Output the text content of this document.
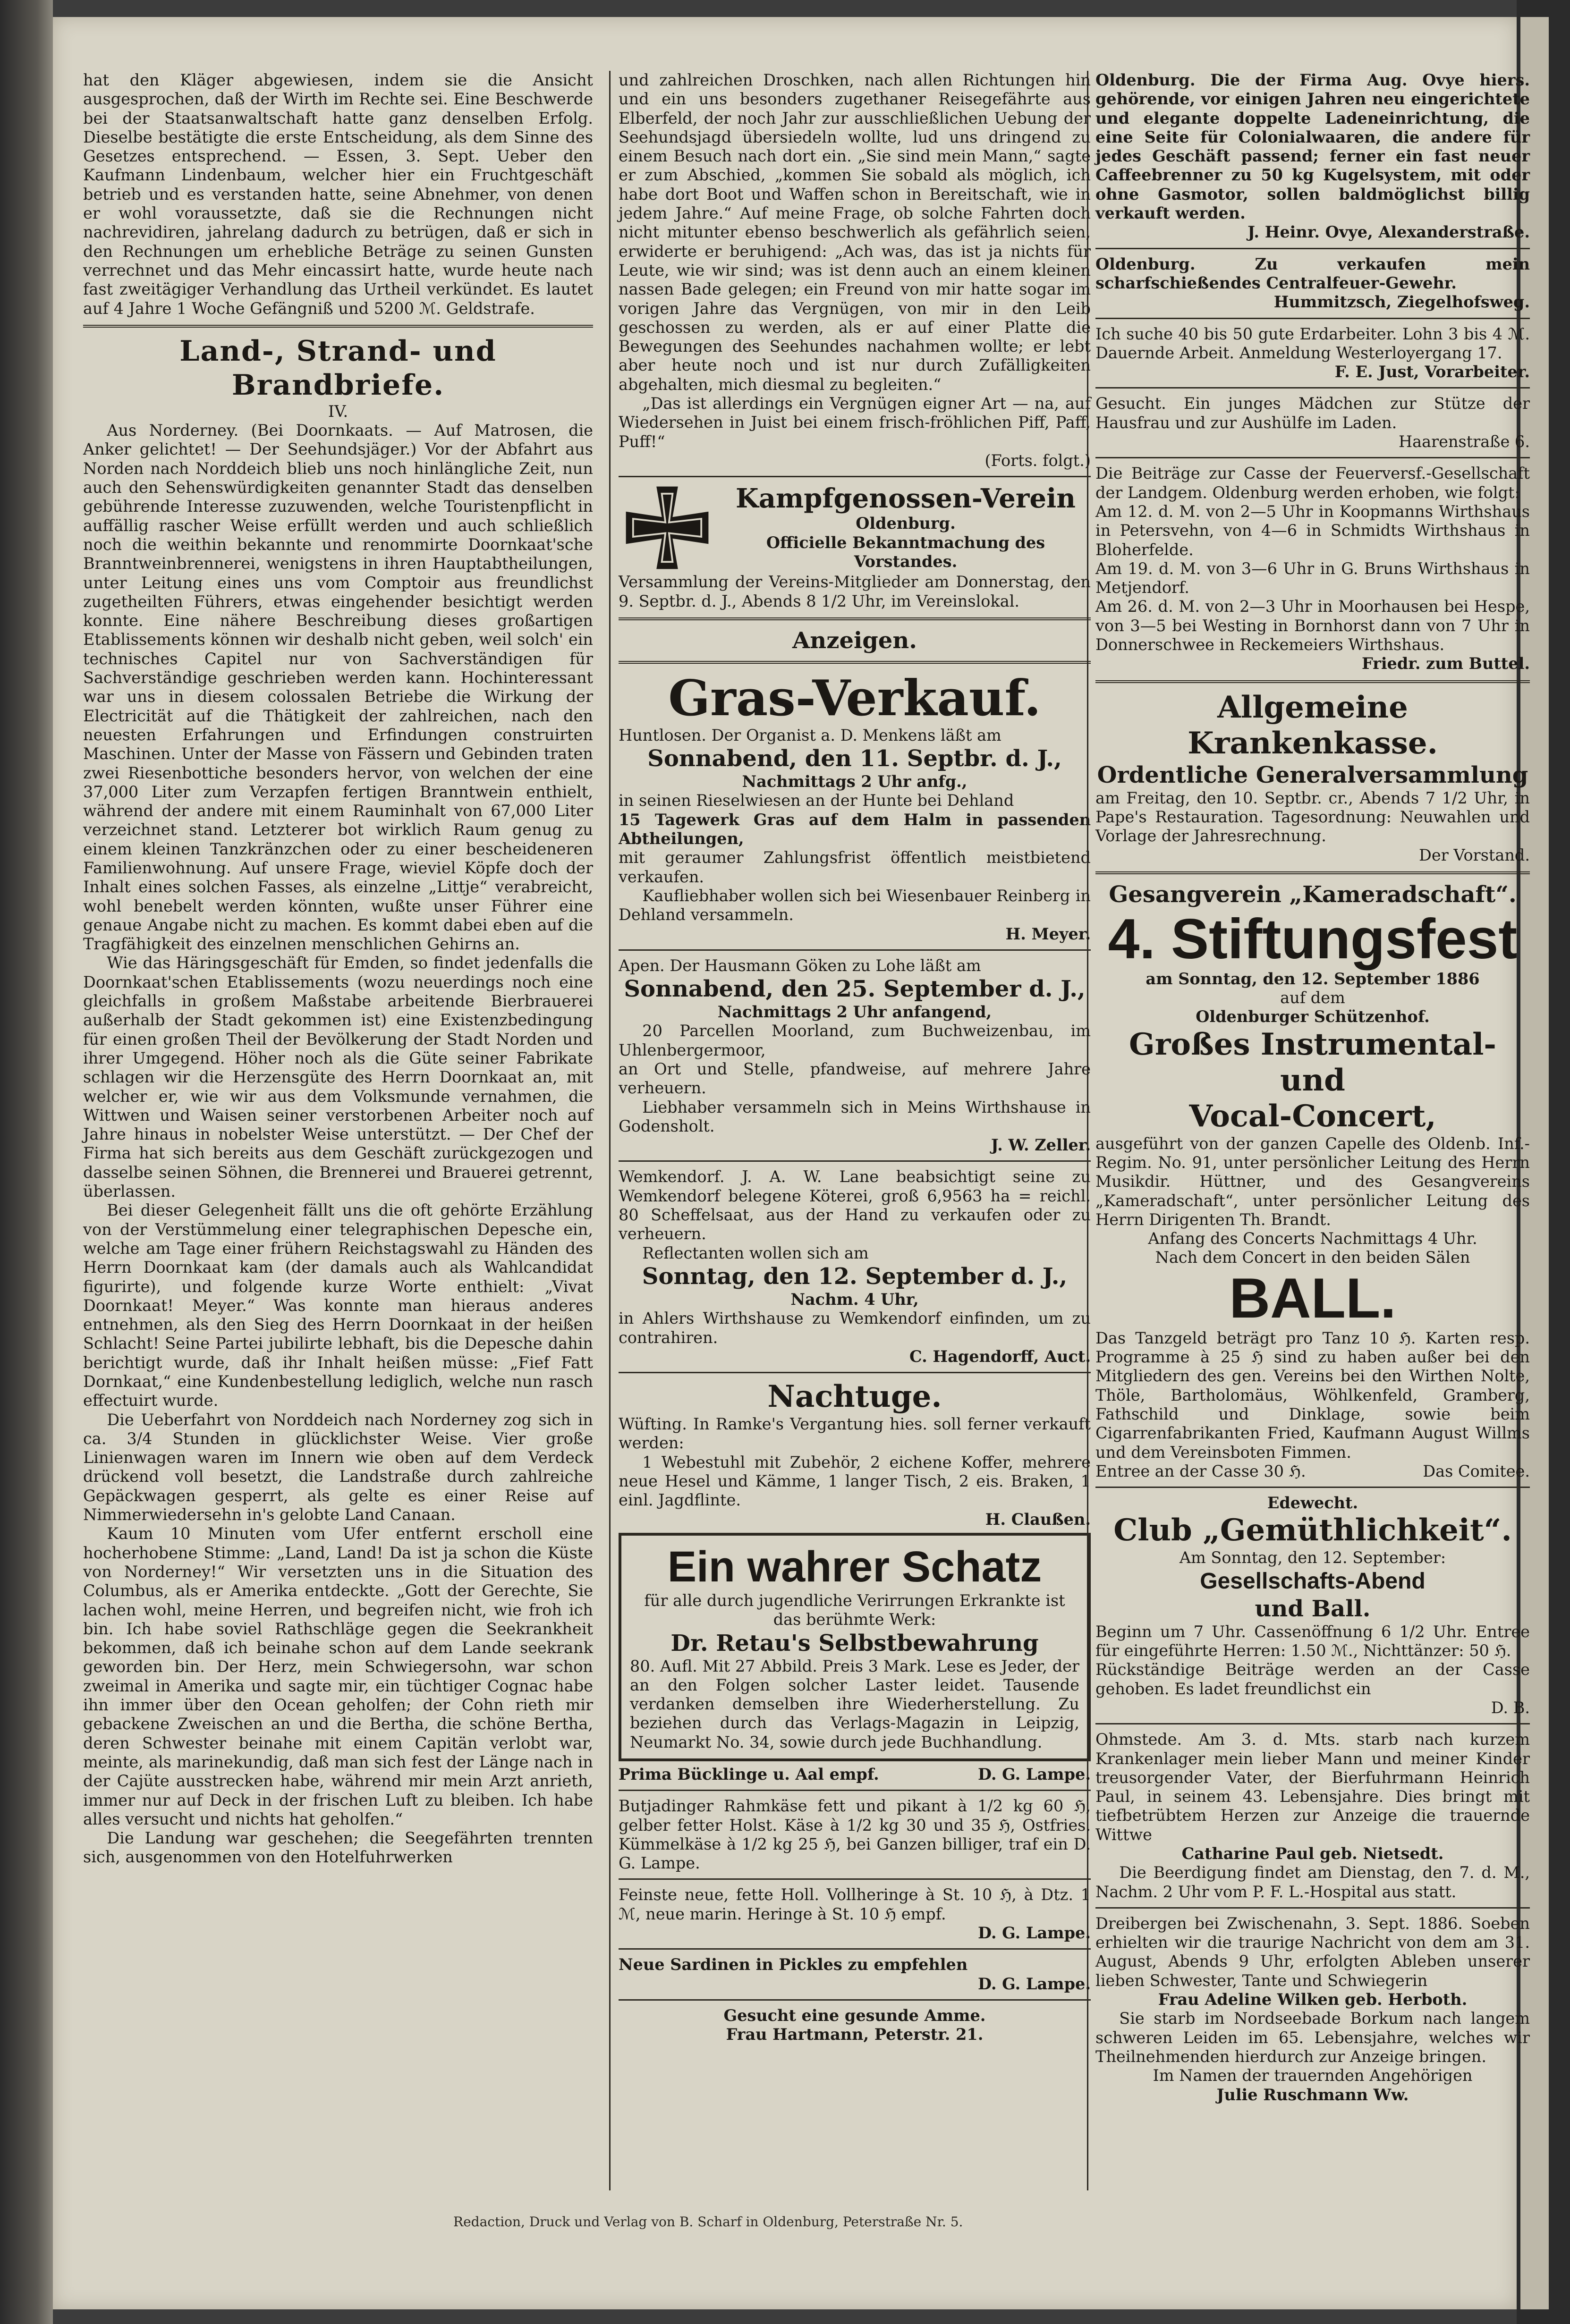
hat den Kläger abgewiesen, indem sie die Ansicht ausgesprochen, daß der Wirth im Rechte sei. Eine Beschwerde bei der Staatsanwaltschaft hatte ganz denselben Erfolg. Dieselbe bestätigte die erste Entscheidung, als dem Sinne des Gesetzes entsprechend. — Essen, 3. Sept. Ueber den Kaufmann Lindenbaum, welcher hier ein Fruchtgeschäft betrieb und es verstanden hatte, seine Abnehmer, von denen er wohl voraussetzte, daß sie die Rechnungen nicht nachrevidiren, jahrelang dadurch zu betrügen, daß er sich in den Rechnungen um erhebliche Beträge zu seinen Gunsten verrechnet und das Mehr eincassirt hatte, wurde heute nach fast zweitägiger Verhandlung das Urtheil verkündet. Es lautet auf 4 Jahre 1 Woche Gefängniß und 5200 ℳ. Geldstrafe.

Land-, Strand- und Brandbriefe.

IV.

Aus Norderney. (Bei Doornkaats. — Auf Matrosen, die Anker gelichtet! — Der Seehundsjäger.) Vor der Abfahrt aus Norden nach Norddeich blieb uns noch hinlängliche Zeit, nun auch den Sehenswürdigkeiten genannter Stadt das denselben gebührende Interesse zuzuwenden, welche Touristenpflicht in auffällig rascher Weise erfüllt werden und auch schließlich noch die weithin bekannte und renommirte Doornkaat'sche Branntweinbrennerei, wenigstens in ihren Hauptabtheilungen, unter Leitung eines uns vom Comptoir aus freundlichst zugetheilten Führers, etwas eingehender besichtigt werden konnte. Eine nähere Beschreibung dieses großartigen Etablissements können wir deshalb nicht geben, weil solch' ein technisches Capitel nur von Sachverständigen für Sachverständige geschrieben werden kann. Hochinteressant war uns in diesem colossalen Betriebe die Wirkung der Electricität auf die Thätigkeit der zahlreichen, nach den neuesten Erfahrungen und Erfindungen construirten Maschinen. Unter der Masse von Fässern und Gebinden traten zwei Riesenbottiche besonders hervor, von welchen der eine 37,000 Liter zum Verzapfen fertigen Branntwein enthielt, während der andere mit einem Rauminhalt von 67,000 Liter verzeichnet stand. Letzterer bot wirklich Raum genug zu einem kleinen Tanzkränzchen oder zu einer bescheideneren Familienwohnung. Auf unsere Frage, wieviel Köpfe doch der Inhalt eines solchen Fasses, als einzelne „Littje“ verabreicht, wohl benebelt werden könnten, wußte unser Führer eine genaue Angabe nicht zu machen. Es kommt dabei eben auf die Tragfähigkeit des einzelnen menschlichen Gehirns an.

Wie das Häringsgeschäft für Emden, so findet jedenfalls die Doornkaat'schen Etablissements (wozu neuerdings noch eine gleichfalls in großem Maßstabe arbeitende Bierbrauerei außerhalb der Stadt gekommen ist) eine Existenzbedingung für einen großen Theil der Bevölkerung der Stadt Norden und ihrer Umgegend. Höher noch als die Güte seiner Fabrikate schlagen wir die Herzensgüte des Herrn Doornkaat an, mit welcher er, wie wir aus dem Volksmunde vernahmen, die Wittwen und Waisen seiner verstorbenen Arbeiter noch auf Jahre hinaus in nobelster Weise unterstützt. — Der Chef der Firma hat sich bereits aus dem Geschäft zurückgezogen und dasselbe seinen Söhnen, die Brennerei und Brauerei getrennt, überlassen.

Bei dieser Gelegenheit fällt uns die oft gehörte Erzählung von der Verstümmelung einer telegraphischen Depesche ein, welche am Tage einer frühern Reichstagswahl zu Händen des Herrn Doornkaat kam (der damals auch als Wahlcandidat figurirte), und folgende kurze Worte enthielt: „Vivat Doornkaat! Meyer.“ Was konnte man hieraus anderes entnehmen, als den Sieg des Herrn Doornkaat in der heißen Schlacht! Seine Partei jubilirte lebhaft, bis die Depesche dahin berichtigt wurde, daß ihr Inhalt heißen müsse: „Fief Fatt Dornkaat,“ eine Kundenbestellung lediglich, welche nun rasch effectuirt wurde.

Die Ueberfahrt von Norddeich nach Norderney zog sich in ca. 3/4 Stunden in glücklichster Weise. Vier große Linienwagen waren im Innern wie oben auf dem Verdeck drückend voll besetzt, die Landstraße durch zahlreiche Gepäckwagen gesperrt, als gelte es einer Reise auf Nimmerwiedersehn in's gelobte Land Canaan.

Kaum 10 Minuten vom Ufer entfernt erscholl eine hocherhobene Stimme: „Land, Land! Da ist ja schon die Küste von Norderney!“ Wir versetzten uns in die Situation des Columbus, als er Amerika entdeckte. „Gott der Gerechte, Sie lachen wohl, meine Herren, und begreifen nicht, wie froh ich bin. Ich habe soviel Rathschläge gegen die Seekrankheit bekommen, daß ich beinahe schon auf dem Lande seekrank geworden bin. Der Herz, mein Schwiegersohn, war schon zweimal in Amerika und sagte mir, ein tüchtiger Cognac habe ihn immer über den Ocean geholfen; der Cohn rieth mir gebackene Zweischen an und die Bertha, die schöne Bertha, deren Schwester beinahe mit einem Capitän verlobt war, meinte, als marinekundig, daß man sich fest der Länge nach in der Cajüte ausstrecken habe, während mir mein Arzt anrieth, immer nur auf Deck in der frischen Luft zu bleiben. Ich habe alles versucht und nichts hat geholfen.“

Die Landung war geschehen; die Seegefährten trennten sich, ausgenommen von den Hotelfuhrwerken

und zahlreichen Droschken, nach allen Richtungen hin und ein uns besonders zugethaner Reisegefährte aus Elberfeld, der noch Jahr zur ausschließlichen Uebung der Seehundsjagd übersiedeln wollte, lud uns dringend zu einem Besuch nach dort ein. „Sie sind mein Mann,“ sagte er zum Abschied, „kommen Sie sobald als möglich, ich habe dort Boot und Waffen schon in Bereitschaft, wie in jedem Jahre.“ Auf meine Frage, ob solche Fahrten doch nicht mitunter ebenso beschwerlich als gefährlich seien, erwiderte er beruhigend: „Ach was, das ist ja nichts für Leute, wie wir sind; was ist denn auch an einem kleinen nassen Bade gelegen; ein Freund von mir hatte sogar im vorigen Jahre das Vergnügen, von mir in den Leib geschossen zu werden, als er auf einer Platte die Bewegungen des Seehundes nachahmen wollte; er lebt aber heute noch und ist nur durch Zufälligkeiten abgehalten, mich diesmal zu begleiten.“

„Das ist allerdings ein Vergnügen eigner Art — na, auf Wiedersehen in Juist bei einem frisch-fröhlichen Piff, Paff, Puff!“

(Forts. folgt.)

Kampfgenossen-Verein

Oldenburg.

Officielle Bekanntmachung des

Vorstandes.

Versammlung der Vereins-Mitglieder am Donnerstag, den 9. Septbr. d. J., Abends 8 1/2 Uhr, im Vereinslokal.

Anzeigen.

Gras-Verkauf.

Huntlosen. Der Organist a. D. Menkens läßt am

Sonnabend, den 11. Septbr. d. J.,

Nachmittags 2 Uhr anfg.,

in seinen Rieselwiesen an der Hunte bei Dehland

15 Tagewerk Gras auf dem Halm in passenden Abtheilungen,

mit geraumer Zahlungsfrist öffentlich meistbietend verkaufen.

Kaufliebhaber wollen sich bei Wiesenbauer Reinberg in Dehland versammeln.

H. Meyer.

Apen. Der Hausmann Göken zu Lohe läßt am

Sonnabend, den 25. September d. J.,

Nachmittags 2 Uhr anfangend,

20 Parcellen Moorland, zum Buchweizenbau, im Uhlenbergermoor,

an Ort und Stelle, pfandweise, auf mehrere Jahre verheuern.

Liebhaber versammeln sich in Meins Wirthshause in Godensholt.

J. W. Zeller.

Wemkendorf. J. A. W. Lane beabsichtigt seine zu Wemkendorf belegene Köterei, groß 6,9563 ha = reichl. 80 Scheffelsaat, aus der Hand zu verkaufen oder zu verheuern.

Reflectanten wollen sich am

Sonntag, den 12. September d. J.,

Nachm. 4 Uhr,

in Ahlers Wirthshause zu Wemkendorf einfinden, um zu contrahiren.

C. Hagendorff, Auct.

Nachtuge.

Wüfting. In Ramke's Vergantung hies. soll ferner verkauft werden:

1 Webestuhl mit Zubehör, 2 eichene Koffer, mehrere neue Hesel und Kämme, 1 langer Tisch, 2 eis. Braken, 1 einl. Jagdflinte.

H. Claußen.

Ein wahrer Schatz

für alle durch jugendliche Verirrungen Erkrankte ist das berühmte Werk:

Dr. Retau's Selbstbewahrung

80. Aufl. Mit 27 Abbild. Preis 3 Mark. Lese es Jeder, der an den Folgen solcher Laster leidet. Tausende verdanken demselben ihre Wiederherstellung. Zu beziehen durch das Verlags-Magazin in Leipzig, Neumarkt No. 34, sowie durch jede Buchhandlung.

Prima Bücklinge u. Aal empf.	D. G. Lampe.

Butjadinger Rahmkäse fett und pikant à 1/2 kg 60 ℌ, gelber fetter Holst. Käse à 1/2 kg 30 und 35 ℌ, Ostfries. Kümmelkäse à 1/2 kg 25 ℌ, bei Ganzen billiger, traf ein D. G. Lampe.

Feinste neue, fette Holl. Vollheringe à St. 10 ℌ, à Dtz. 1 ℳ, neue marin. Heringe à St. 10 ℌ empf.

D. G. Lampe.

Neue Sardinen in Pickles zu empfehlen

D. G. Lampe.

Gesucht eine gesunde Amme.

Frau Hartmann, Peterstr. 21.

Oldenburg. Die der Firma Aug. Ovye hiers. gehörende, vor einigen Jahren neu eingerichtete und elegante doppelte Ladeneinrichtung, die eine Seite für Colonialwaaren, die andere für jedes Geschäft passend; ferner ein fast neuer Caffeebrenner zu 50 kg Kugelsystem, mit oder ohne Gasmotor, sollen baldmöglichst billig verkauft werden.

J. Heinr. Ovye, Alexanderstraße.

Oldenburg. Zu verkaufen mein scharfschießendes Centralfeuer-Gewehr.

Hummitzsch, Ziegelhofsweg.

Ich suche 40 bis 50 gute Erdarbeiter. Lohn 3 bis 4 ℳ. Dauernde Arbeit. Anmeldung Westerloyergang 17.

F. E. Just, Vorarbeiter.

Gesucht. Ein junges Mädchen zur Stütze der Hausfrau und zur Aushülfe im Laden.

Haarenstraße 6.

Die Beiträge zur Casse der Feuerversf.-Gesellschaft der Landgem. Oldenburg werden erhoben, wie folgt:

Am 12. d. M. von 2—5 Uhr in Koopmanns Wirthshaus in Petersvehn, von 4—6 in Schmidts Wirthshaus in Bloherfelde.

Am 19. d. M. von 3—6 Uhr in G. Bruns Wirthshaus in Metjendorf.

Am 26. d. M. von 2—3 Uhr in Moorhausen bei Hespe, von 3—5 bei Westing in Bornhorst dann von 7 Uhr in Donnerschwee in Reckemeiers Wirthshaus.

Friedr. zum Buttel.

Allgemeine Krankenkasse.

Ordentliche Generalversammlung

am Freitag, den 10. Septbr. cr., Abends 7 1/2 Uhr, in Pape's Restauration. Tagesordnung: Neuwahlen und Vorlage der Jahresrechnung.

Der Vorstand.

Gesangverein „Kameradschaft“.

4. Stiftungsfest

am Sonntag, den 12. September 1886

auf dem

Oldenburger Schützenhof.

Großes Instrumental- und

Vocal-Concert,

ausgeführt von der ganzen Capelle des Oldenb. Inf.-Regim. No. 91, unter persönlicher Leitung des Herrn Musikdir. Hüttner, und des Gesangvereins „Kameradschaft“, unter persönlicher Leitung des Herrn Dirigenten Th. Brandt.

Anfang des Concerts Nachmittags 4 Uhr.

Nach dem Concert in den beiden Sälen

BALL.

Das Tanzgeld beträgt pro Tanz 10 ℌ. Karten resp. Programme à 25 ℌ sind zu haben außer bei den Mitgliedern des gen. Vereins bei den Wirthen Nolte, Thöle, Bartholomäus, Wöhlkenfeld, Gramberg, Fathschild und Dinklage, sowie beim Cigarrenfabrikanten Fried, Kaufmann August Willms und dem Vereinsboten Fimmen.

Entree an der Casse 30 ℌ.	Das Comitee.

Edewecht.

Club „Gemüthlichkeit“.

Am Sonntag, den 12. September:

Gesellschafts-Abend

und Ball.

Beginn um 7 Uhr. Cassenöffnung 6 1/2 Uhr. Entree für eingeführte Herren: 1.50 ℳ., Nichttänzer: 50 ℌ.

Rückständige Beiträge werden an der Casse gehoben. Es ladet freundlichst ein

D. B.

Ohmstede. Am 3. d. Mts. starb nach kurzem Krankenlager mein lieber Mann und meiner Kinder treusorgender Vater, der Bierfuhrmann Heinrich Paul, in seinem 43. Lebensjahre. Dies bringt mit tiefbetrübtem Herzen zur Anzeige die trauernde Wittwe

Catharine Paul geb. Nietsedt.

Die Beerdigung findet am Dienstag, den 7. d. M., Nachm. 2 Uhr vom P. F. L.-Hospital aus statt.

Dreibergen bei Zwischenahn, 3. Sept. 1886. Soeben erhielten wir die traurige Nachricht von dem am 31. August, Abends 9 Uhr, erfolgten Ableben unserer lieben Schwester, Tante und Schwiegerin

Frau Adeline Wilken geb. Herboth.

Sie starb im Nordseebade Borkum nach langem schweren Leiden im 65. Lebensjahre, welches wir Theilnehmenden hierdurch zur Anzeige bringen.

Im Namen der trauernden Angehörigen

Julie Ruschmann Ww.

Redaction, Druck und Verlag von B. Scharf in Oldenburg, Peterstraße Nr. 5.
